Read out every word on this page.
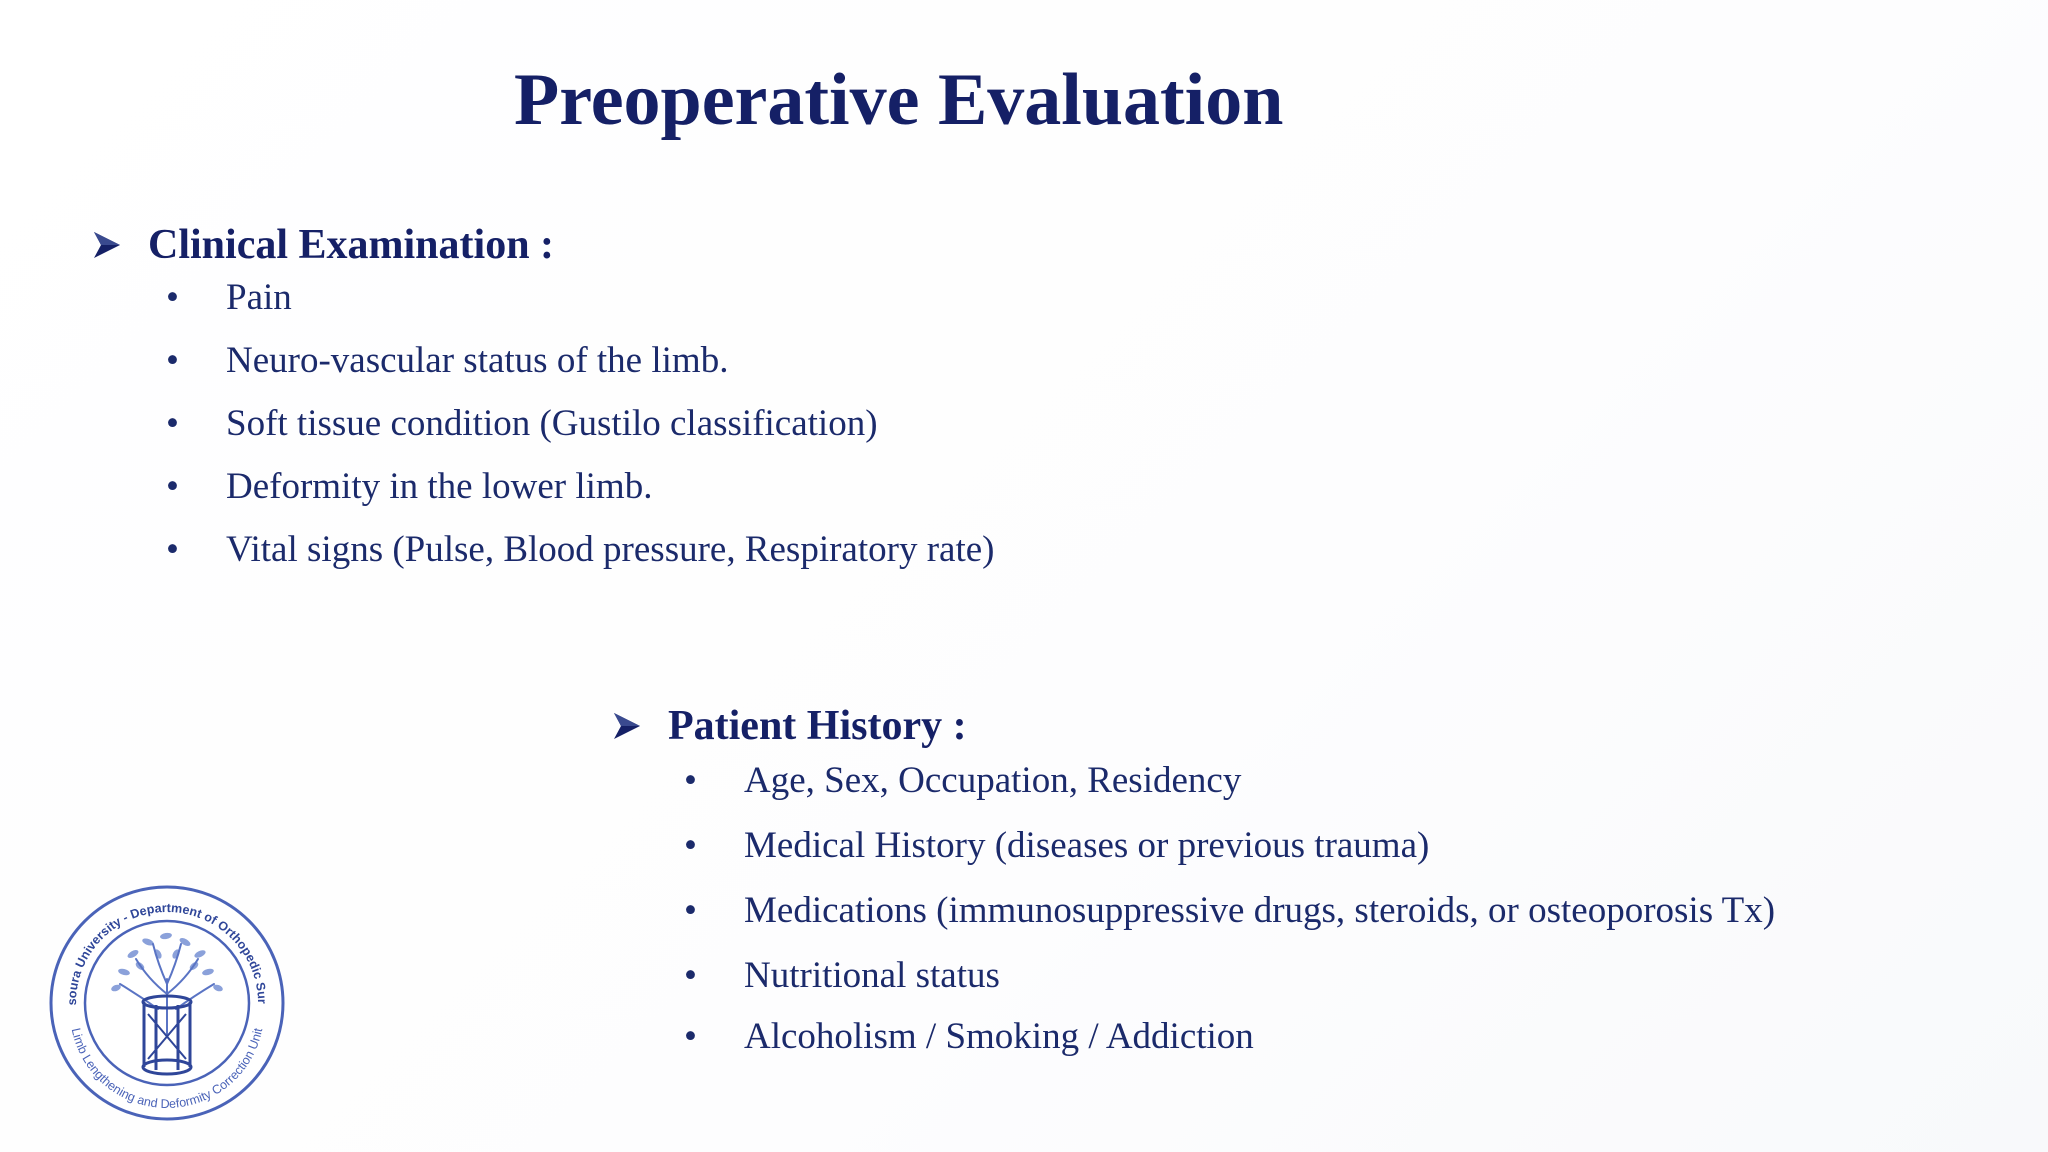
Preoperative Evaluation
Clinical Examination :
• Pain
• Neuro-vascular status of the limb.
• Soft tissue condition (Gustilo classification)
• Deformity in the lower limb.
• Vital signs (Pulse, Blood pressure, Respiratory rate)
Patient History :
• Age, Sex, Occupation, Residency
• Medical History (diseases or previous trauma)
• Medications (immunosuppressive drugs, steroids, or osteoporosis Tx)
• Nutritional status
• Alcoholism / Smoking / Addiction
soura University - Department of Orthopedic Sur
Limb Lengthening and Deformity Correction Unit
